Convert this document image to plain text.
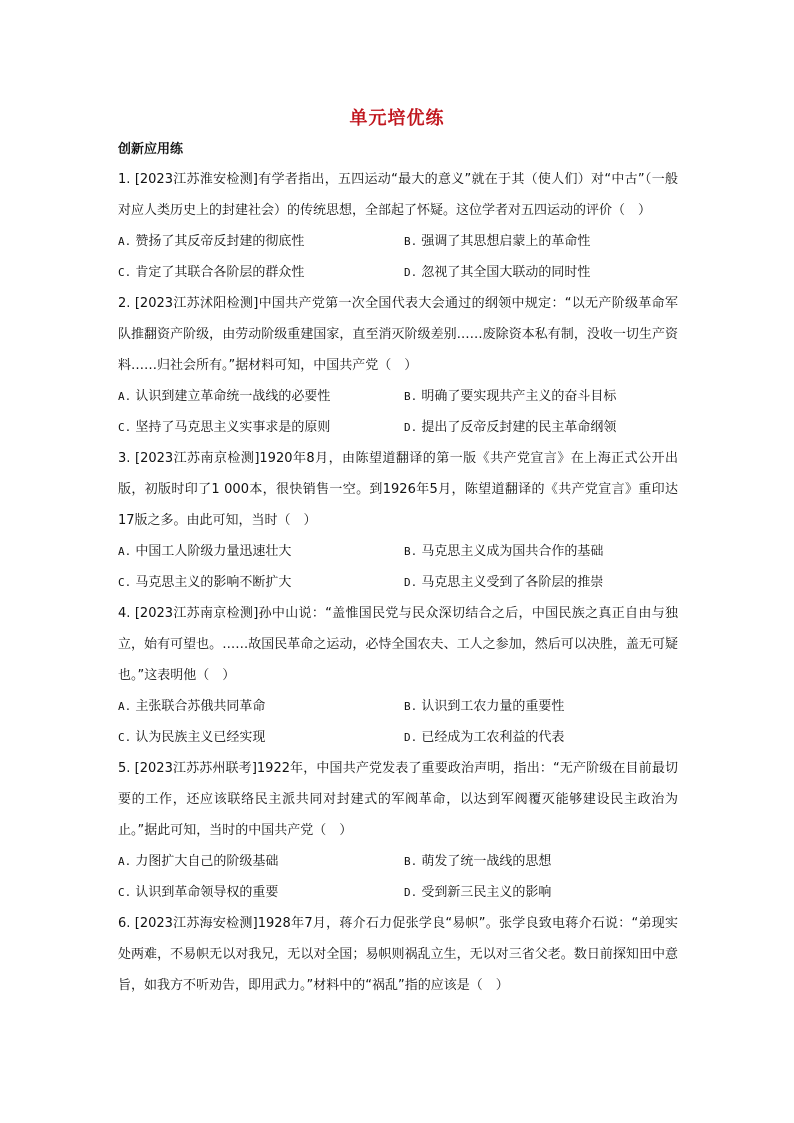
单元培优练
创新应用练

1. [2023江苏淮安检测]有学者指出，五四运动“最大的意义”就在于其（使人们）对“中古”（一般对应人类历史上的封建社会）的传统思想，全部起了怀疑。这位学者对五四运动的评价（　）

A. 赞扬了其反帝反封建的彻底性	B. 强调了其思想启蒙上的革命性
C. 肯定了其联合各阶层的群众性	D. 忽视了其全国大联动的同时性

2. [2023江苏沭阳检测]中国共产党第一次全国代表大会通过的纲领中规定：“以无产阶级革命军队推翻资产阶级，由劳动阶级重建国家，直至消灭阶级差别……废除资本私有制，没收一切生产资料……归社会所有。”据材料可知，中国共产党（　）

A. 认识到建立革命统一战线的必要性	B. 明确了要实现共产主义的奋斗目标
C. 坚持了马克思主义实事求是的原则	D. 提出了反帝反封建的民主革命纲领

3. [2023江苏南京检测]1920年8月，由陈望道翻译的第一版《共产党宣言》在上海正式公开出版，初版时印了1 000本，很快销售一空。到1926年5月，陈望道翻译的《共产党宣言》重印达17版之多。由此可知，当时（　）

A. 中国工人阶级力量迅速壮大	B. 马克思主义成为国共合作的基础
C. 马克思主义的影响不断扩大	D. 马克思主义受到了各阶层的推崇

4. [2023江苏南京检测]孙中山说：“盖惟国民党与民众深切结合之后，中国民族之真正自由与独立，始有可望也。……故国民革命之运动，必恃全国农夫、工人之参加，然后可以决胜，盖无可疑也。”这表明他（　）

A. 主张联合苏俄共同革命	B. 认识到工农力量的重要性
C. 认为民族主义已经实现	D. 已经成为工农利益的代表

5. [2023江苏苏州联考]1922年，中国共产党发表了重要政治声明，指出：“无产阶级在目前最切要的工作，还应该联络民主派共同对封建式的军阀革命，以达到军阀覆灭能够建设民主政治为止。”据此可知，当时的中国共产党（　）

A. 力图扩大自己的阶级基础	B. 萌发了统一战线的思想
C. 认识到革命领导权的重要	D. 受到新三民主义的影响

6. [2023江苏海安检测]1928年7月，蒋介石力促张学良“易帜”。张学良致电蒋介石说：“弟现实处两难，不易帜无以对我兄，无以对全国；易帜则祸乱立生，无以对三省父老。数日前探知田中意旨，如我方不听劝告，即用武力。”材料中的“祸乱”指的应该是（　）
